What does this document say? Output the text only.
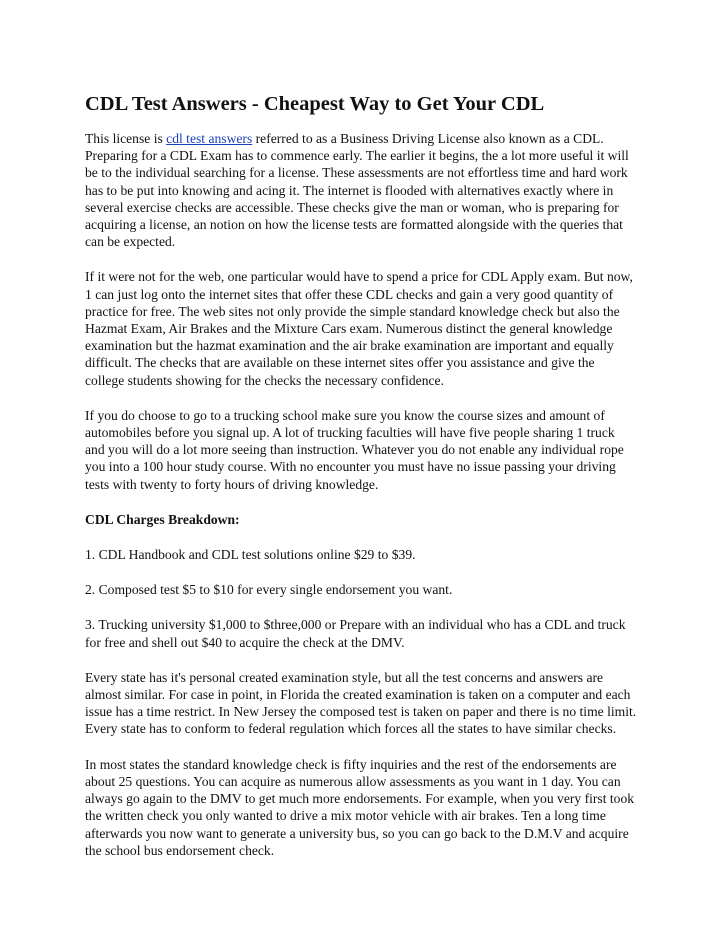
CDL Test Answers - Cheapest Way to Get Your CDL

This license is cdl test answers referred to as a Business Driving License also known as a CDL. Preparing for a CDL Exam has to commence early. The earlier it begins, the a lot more useful it will be to the individual searching for a license. These assessments are not effortless time and hard work has to be put into knowing and acing it. The internet is flooded with alternatives exactly where in several exercise checks are accessible. These checks give the man or woman, who is preparing for acquiring a license, an notion on how the license tests are formatted alongside with the queries that can be expected.

If it were not for the web, one particular would have to spend a price for CDL Apply exam. But now, 1 can just log onto the internet sites that offer these CDL checks and gain a very good quantity of practice for free. The web sites not only provide the simple standard knowledge check but also the Hazmat Exam, Air Brakes and the Mixture Cars exam. Numerous distinct the general knowledge examination but the hazmat examination and the air brake examination are important and equally difficult. The checks that are available on these internet sites offer you assistance and give the college students showing for the checks the necessary confidence.

If you do choose to go to a trucking school make sure you know the course sizes and amount of automobiles before you signal up. A lot of trucking faculties will have five people sharing 1 truck and you will do a lot more seeing than instruction. Whatever you do not enable any individual rope you into a 100 hour study course. With no encounter you must have no issue passing your driving tests with twenty to forty hours of driving knowledge.

CDL Charges Breakdown:

1. CDL Handbook and CDL test solutions online $29 to $39.

2. Composed test $5 to $10 for every single endorsement you want.

3. Trucking university $1,000 to $three,000 or Prepare with an individual who has a CDL and truck for free and shell out $40 to acquire the check at the DMV.

Every state has it's personal created examination style, but all the test concerns and answers are almost similar. For case in point, in Florida the created examination is taken on a computer and each issue has a time restrict. In New Jersey the composed test is taken on paper and there is no time limit. Every state has to conform to federal regulation which forces all the states to have similar checks.

In most states the standard knowledge check is fifty inquiries and the rest of the endorsements are about 25 questions. You can acquire as numerous allow assessments as you want in 1 day. You can always go again to the DMV to get much more endorsements. For example, when you very first took the written check you only wanted to drive a mix motor vehicle with air brakes. Ten a long time afterwards you now want to generate a university bus, so you can go back to the D.M.V and acquire the school bus endorsement check.
